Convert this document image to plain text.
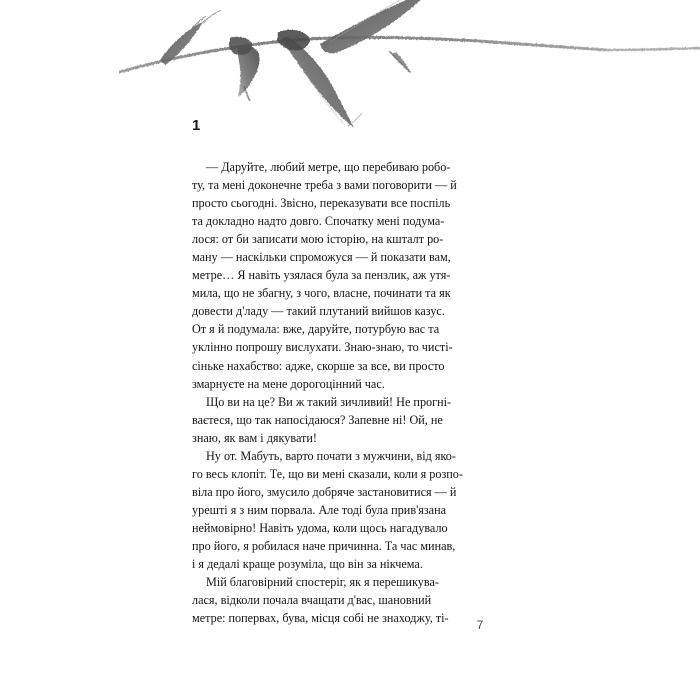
1

— Даруйте, любий метре, що перебиваю робо-
ту, та мені доконечне треба з вами поговорити — й
просто сьогодні. Звісно, переказувати все поспіль
та докладно надто довго. Спочатку мені подума-
лося: от би записати мою історію, на кшталт ро-
ману — наскільки спроможуся — й показати вам,
метре… Я навіть узялася була за пензлик, аж утя-
мила, що не збагну, з чого, власне, починати та як
довести д'ладу — такий плутаний вийшов казус.
От я й подумала: вже, даруйте, потурбую вас та
уклінно попрошу вислухати. Знаю-знаю, то чисті-
сіньке нахабство: адже, скорше за все, ви просто
змарнуєте на мене дорогоцінний час.

Що ви на це? Ви ж такий зичливий! Не прогні-
ваєтеся, що так напосідаюся? Запевне ні! Ой, не
знаю, як вам і дякувати!

Ну от. Мабуть, варто почати з мужчини, від яко-
го весь клопіт. Те, що ви мені сказали, коли я розпо-
віла про його, змусило добряче застановитися — й
урешті я з ним порвала. Але тоді була прив'язана
неймовірно! Навіть удома, коли щось нагадувало
про його, я робилася наче причинна. Та час минав,
і я дедалі краще розуміла, що він за нікчема.

Мій благовірний спостеріг, як я перешикува-
лася, відколи почала вчащати д'вас, шановний
метре: попервах, бува, місця собі не знаходжу, ті-	7
